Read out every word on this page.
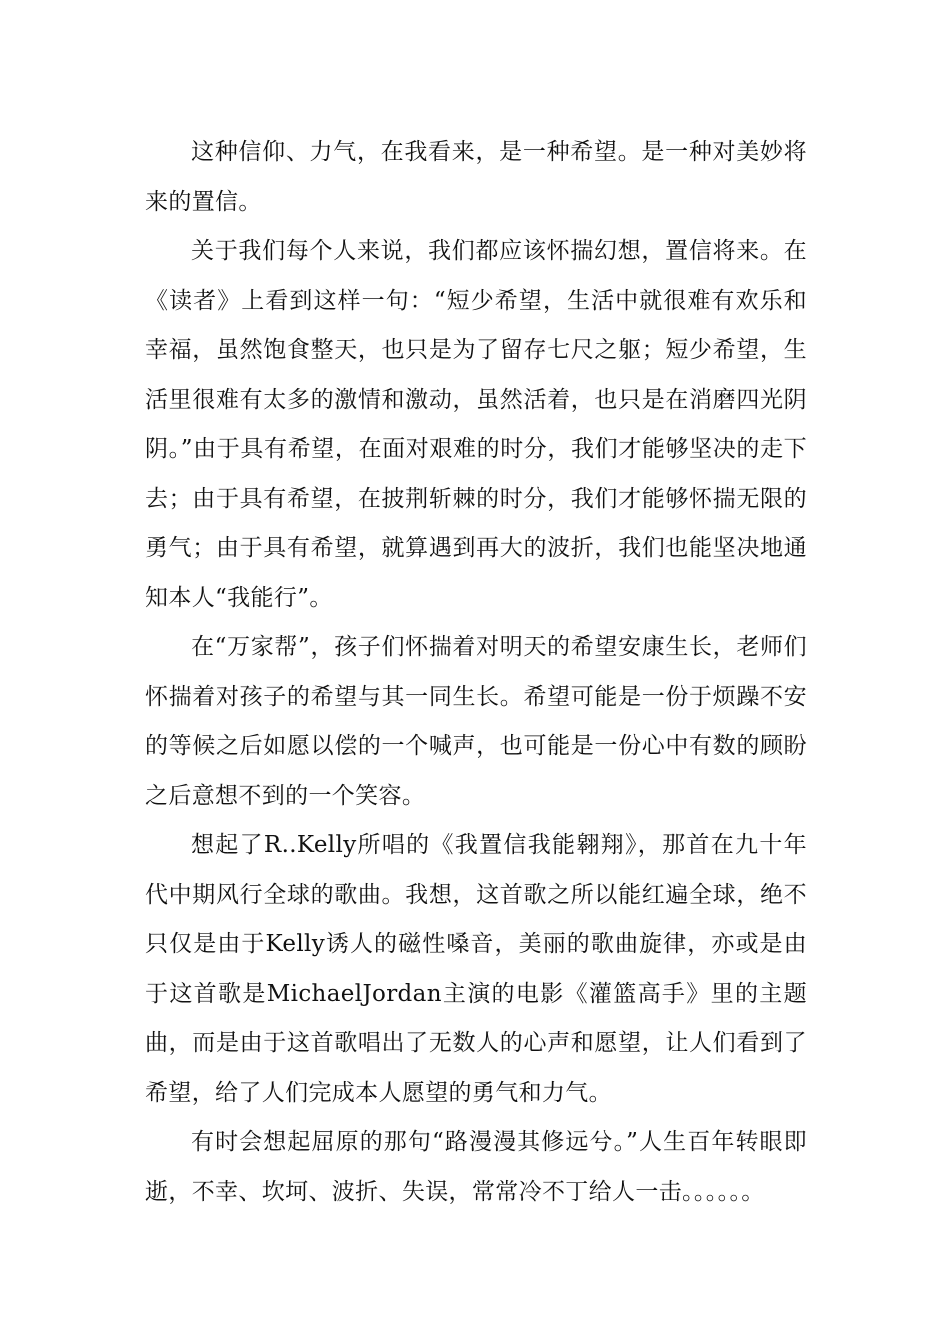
这种信仰、力气，在我看来，是一种希望。是一种对美妙将来的置信。

关于我们每个人来说，我们都应该怀揣幻想，置信将来。在《读者》上看到这样一句：“短少希望，生活中就很难有欢乐和幸福，虽然饱食整天，也只是为了留存七尺之躯；短少希望，生活里很难有太多的激情和激动，虽然活着，也只是在消磨四光阴阴。”由于具有希望，在面对艰难的时分，我们才能够坚决的走下去；由于具有希望，在披荆斩棘的时分，我们才能够怀揣无限的勇气；由于具有希望，就算遇到再大的波折，我们也能坚决地通知本人“我能行”。

在“万家帮”，孩子们怀揣着对明天的希望安康生长，老师们怀揣着对孩子的希望与其一同生长。希望可能是一份于烦躁不安的等候之后如愿以偿的一个喊声，也可能是一份心中有数的顾盼之后意想不到的一个笑容。

想起了R..Kelly所唱的《我置信我能翱翔》，那首在九十年代中期风行全球的歌曲。我想，这首歌之所以能红遍全球，绝不只仅是由于Kelly诱人的磁性嗓音，美丽的歌曲旋律，亦或是由于这首歌是MichaelJordan主演的电影《灌篮高手》里的主题曲，而是由于这首歌唱出了无数人的心声和愿望，让人们看到了希望，给了人们完成本人愿望的勇气和力气。

有时会想起屈原的那句“路漫漫其修远兮。”人生百年转眼即逝，不幸、坎坷、波折、失误，常常冷不丁给人一击。。。。。。
